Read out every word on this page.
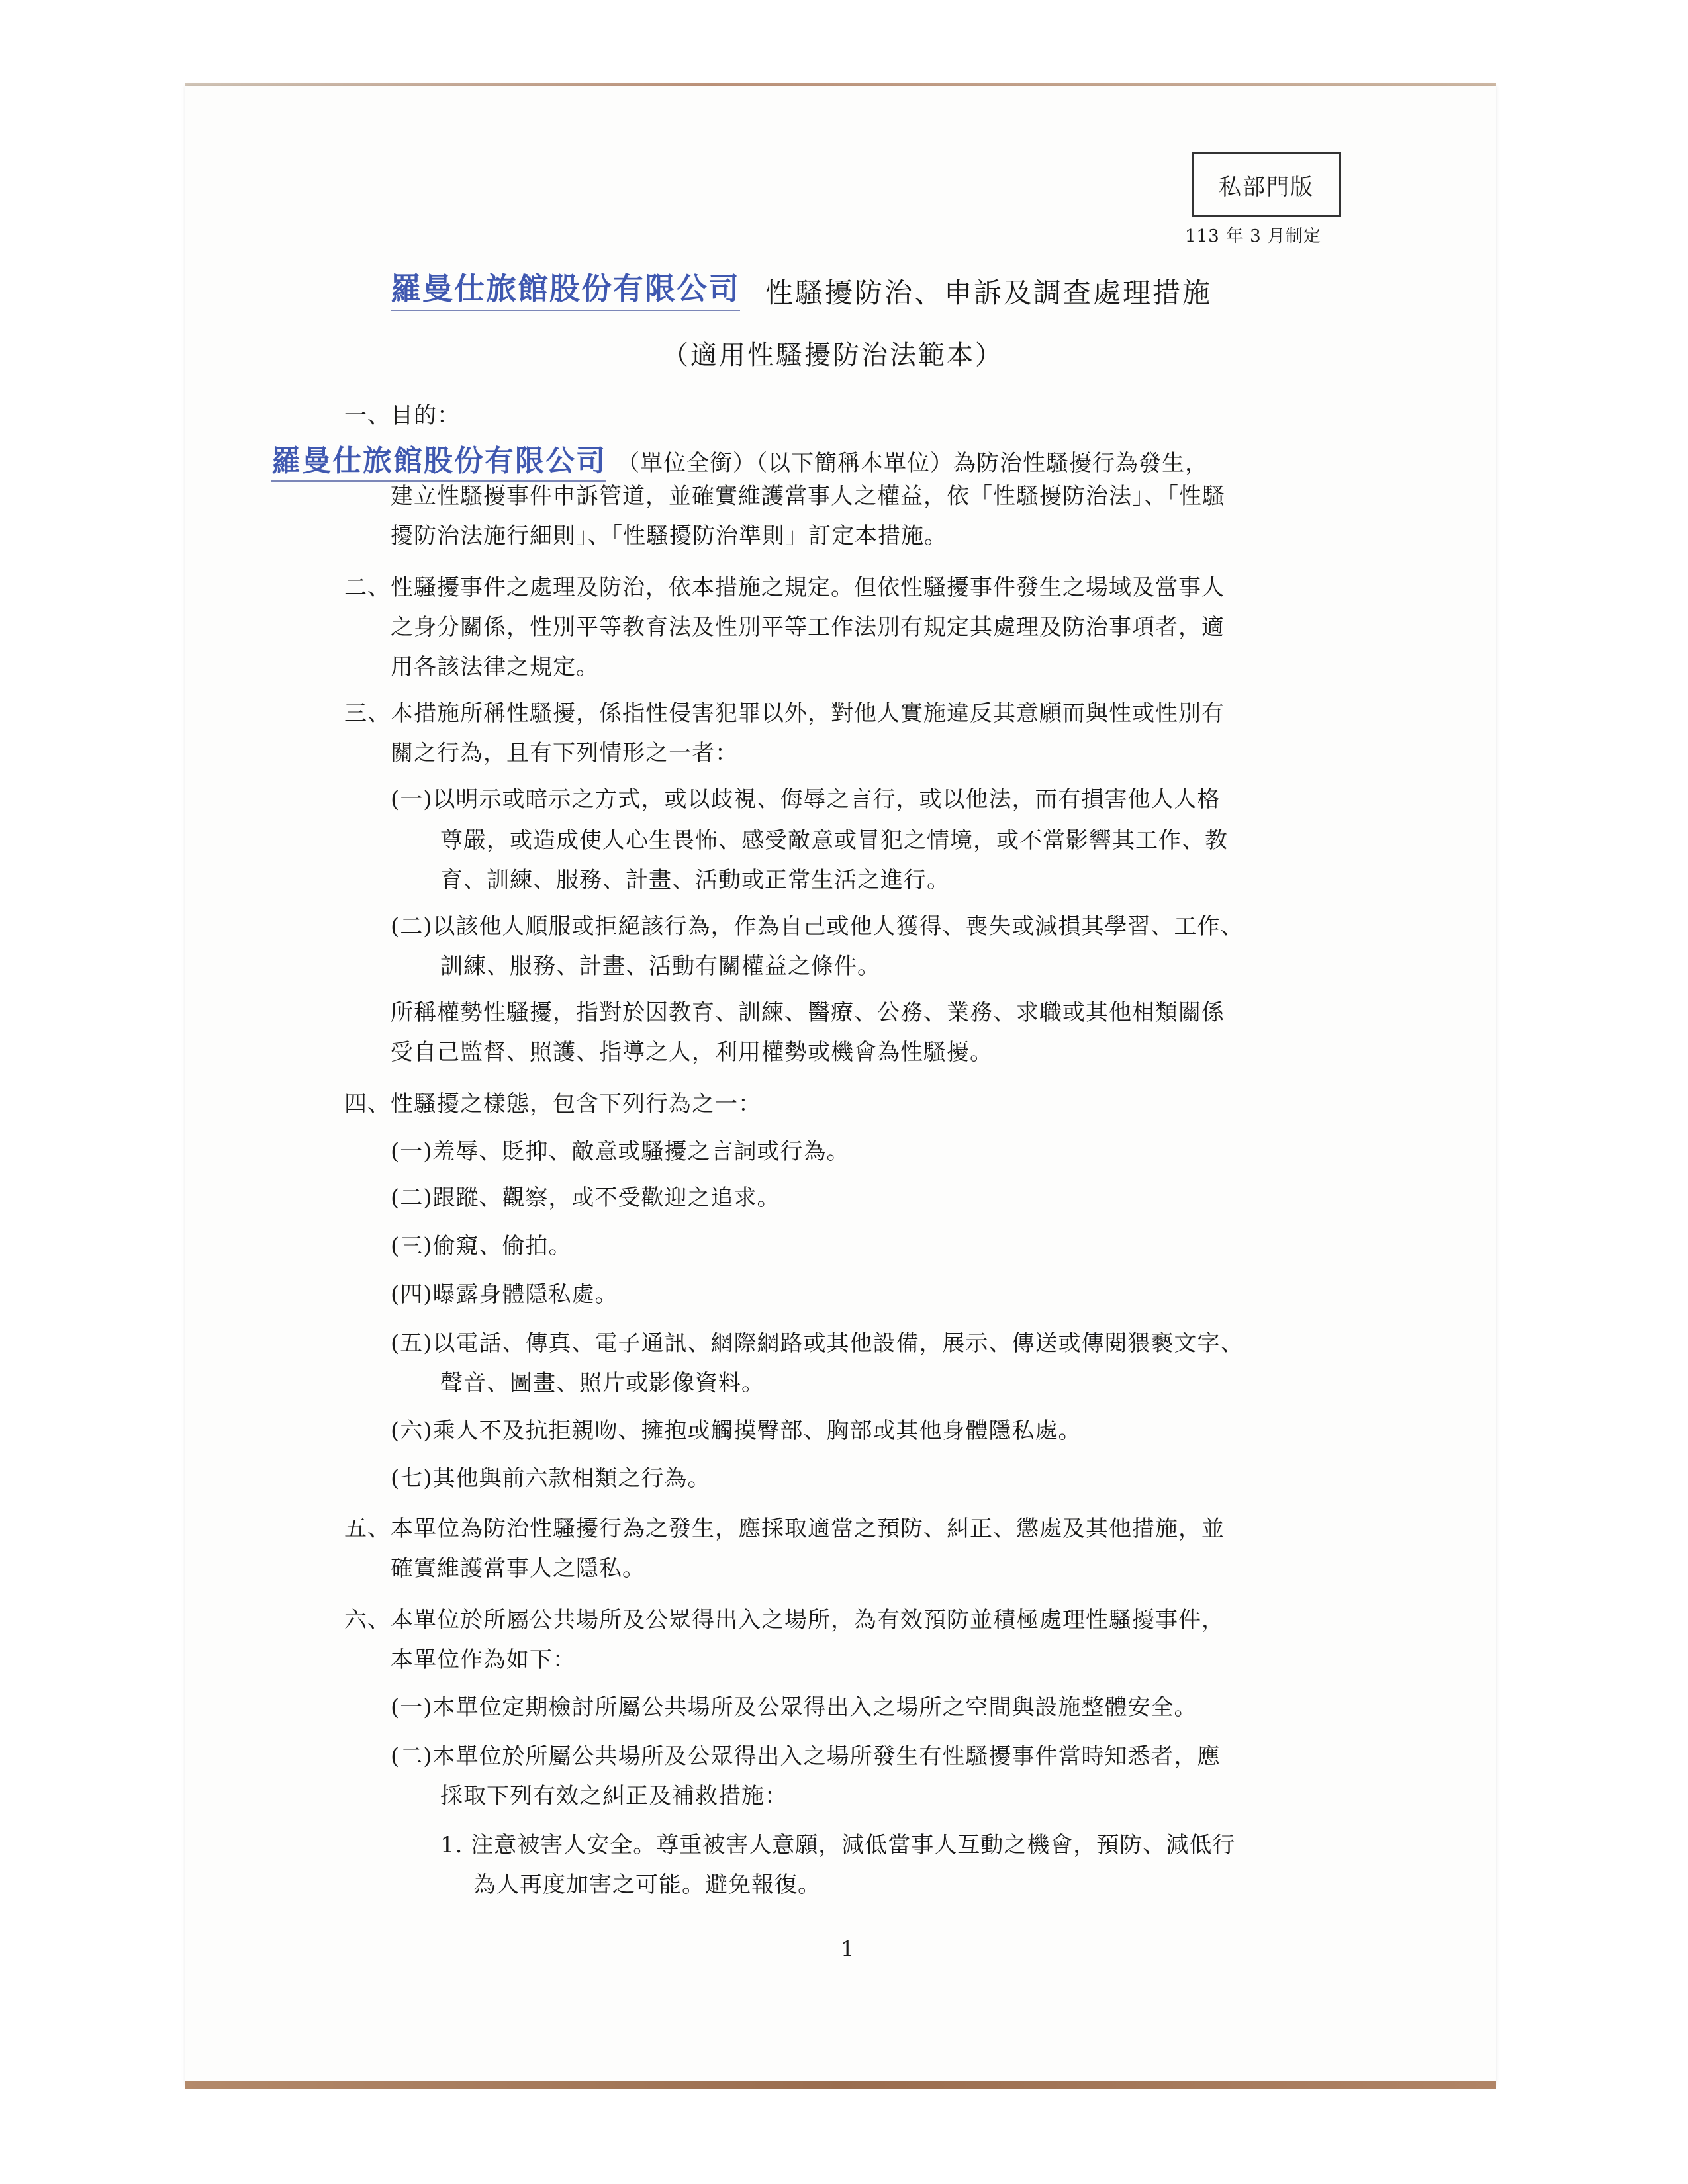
私部門版
113 年 3 月制定
羅曼仕旅館股份有限公司 性騷擾防治、申訴及調查處理措施
（適用性騷擾防治法範本）
一、目的：
羅曼仕旅館股份有限公司 （單位全銜）（以下簡稱本單位）為防治性騷擾行為發生，
建立性騷擾事件申訴管道，並確實維護當事人之權益，依「性騷擾防治法」、「性騷
擾防治法施行細則」、「性騷擾防治準則」訂定本措施。
二、性騷擾事件之處理及防治，依本措施之規定。但依性騷擾事件發生之場域及當事人
之身分關係，性別平等教育法及性別平等工作法別有規定其處理及防治事項者，適
用各該法律之規定。
三、本措施所稱性騷擾，係指性侵害犯罪以外，對他人實施違反其意願而與性或性別有
關之行為，且有下列情形之一者：
(一)以明示或暗示之方式，或以歧視、侮辱之言行，或以他法，而有損害他人人格
尊嚴，或造成使人心生畏怖、感受敵意或冒犯之情境，或不當影響其工作、教
育、訓練、服務、計畫、活動或正常生活之進行。
(二)以該他人順服或拒絕該行為，作為自己或他人獲得、喪失或減損其學習、工作、
訓練、服務、計畫、活動有關權益之條件。
所稱權勢性騷擾，指對於因教育、訓練、醫療、公務、業務、求職或其他相類關係
受自己監督、照護、指導之人，利用權勢或機會為性騷擾。
四、性騷擾之樣態，包含下列行為之一：
(一)羞辱、貶抑、敵意或騷擾之言詞或行為。
(二)跟蹤、觀察，或不受歡迎之追求。
(三)偷窺、偷拍。
(四)曝露身體隱私處。
(五)以電話、傳真、電子通訊、網際網路或其他設備，展示、傳送或傳閱猥褻文字、
聲音、圖畫、照片或影像資料。
(六)乘人不及抗拒親吻、擁抱或觸摸臀部、胸部或其他身體隱私處。
(七)其他與前六款相類之行為。
五、本單位為防治性騷擾行為之發生，應採取適當之預防、糾正、懲處及其他措施，並
確實維護當事人之隱私。
六、本單位於所屬公共場所及公眾得出入之場所，為有效預防並積極處理性騷擾事件，
本單位作為如下：
(一)本單位定期檢討所屬公共場所及公眾得出入之場所之空間與設施整體安全。
(二)本單位於所屬公共場所及公眾得出入之場所發生有性騷擾事件當時知悉者，應
採取下列有效之糾正及補救措施：
1. 注意被害人安全。尊重被害人意願，減低當事人互動之機會，預防、減低行
為人再度加害之可能。避免報復。
1
